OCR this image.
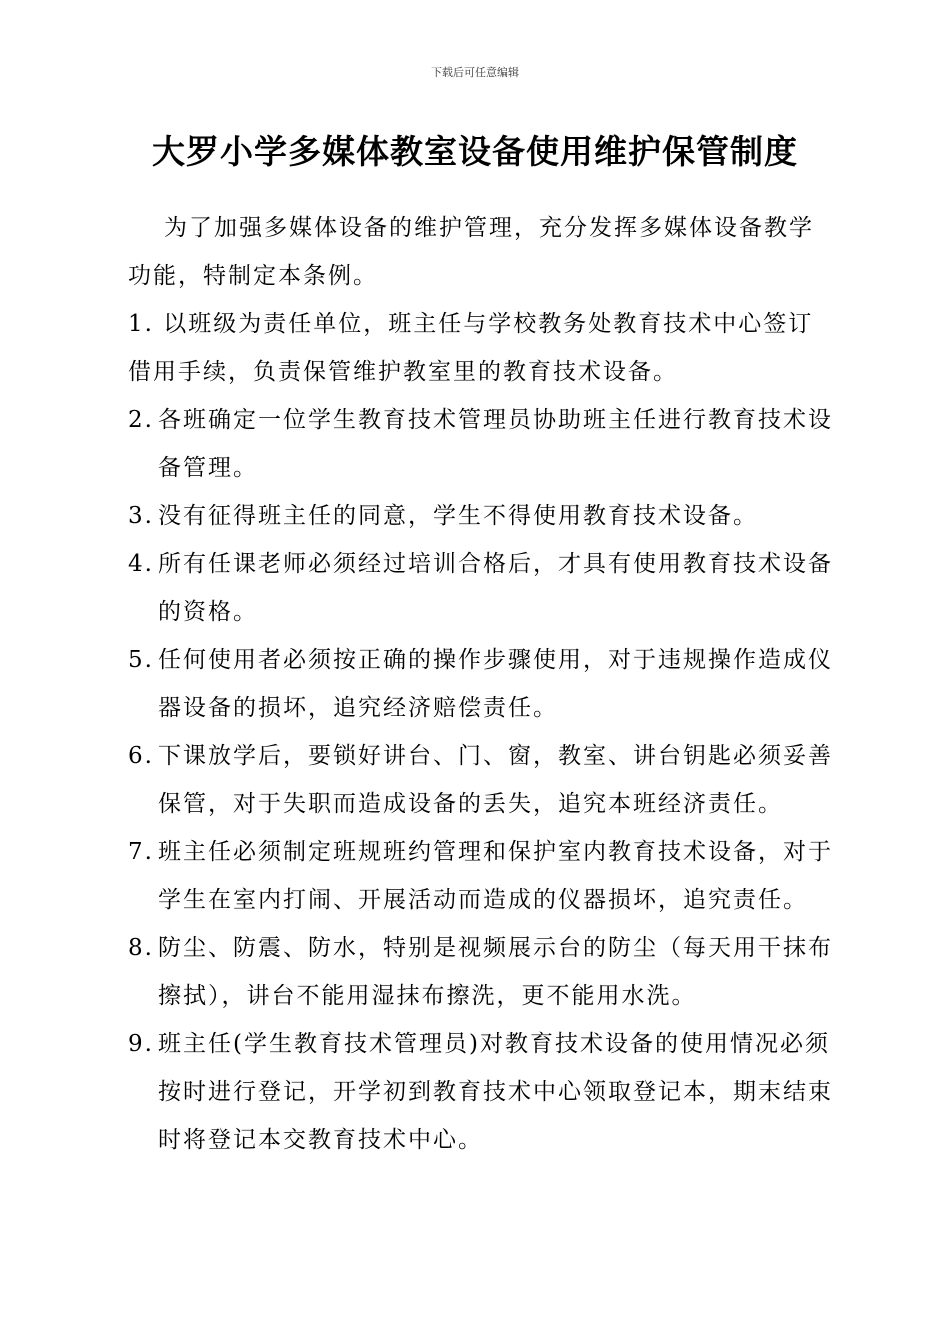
下载后可任意编辑
大罗小学多媒体教室设备使用维护保管制度

为了加强多媒体设备的维护管理，充分发挥多媒体设备教学功能，特制定本条例。

1. 以班级为责任单位，班主任与学校教务处教育技术中心签订借用手续，负责保管维护教室里的教育技术设备。
2. 各班确定一位学生教育技术管理员协助班主任进行教育技术设备管理。
3. 没有征得班主任的同意，学生不得使用教育技术设备。
4. 所有任课老师必须经过培训合格后，才具有使用教育技术设备的资格。
5. 任何使用者必须按正确的操作步骤使用，对于违规操作造成仪器设备的损坏，追究经济赔偿责任。
6. 下课放学后，要锁好讲台、门、窗，教室、讲台钥匙必须妥善保管，对于失职而造成设备的丢失，追究本班经济责任。
7. 班主任必须制定班规班约管理和保护室内教育技术设备，对于学生在室内打闹、开展活动而造成的仪器损坏，追究责任。
8. 防尘、防震、防水，特别是视频展示台的防尘（每天用干抹布擦拭），讲台不能用湿抹布擦洗，更不能用水洗。
9. 班主任(学生教育技术管理员)对教育技术设备的使用情况必须按时进行登记，开学初到教育技术中心领取登记本，期末结束时将登记本交教育技术中心。
